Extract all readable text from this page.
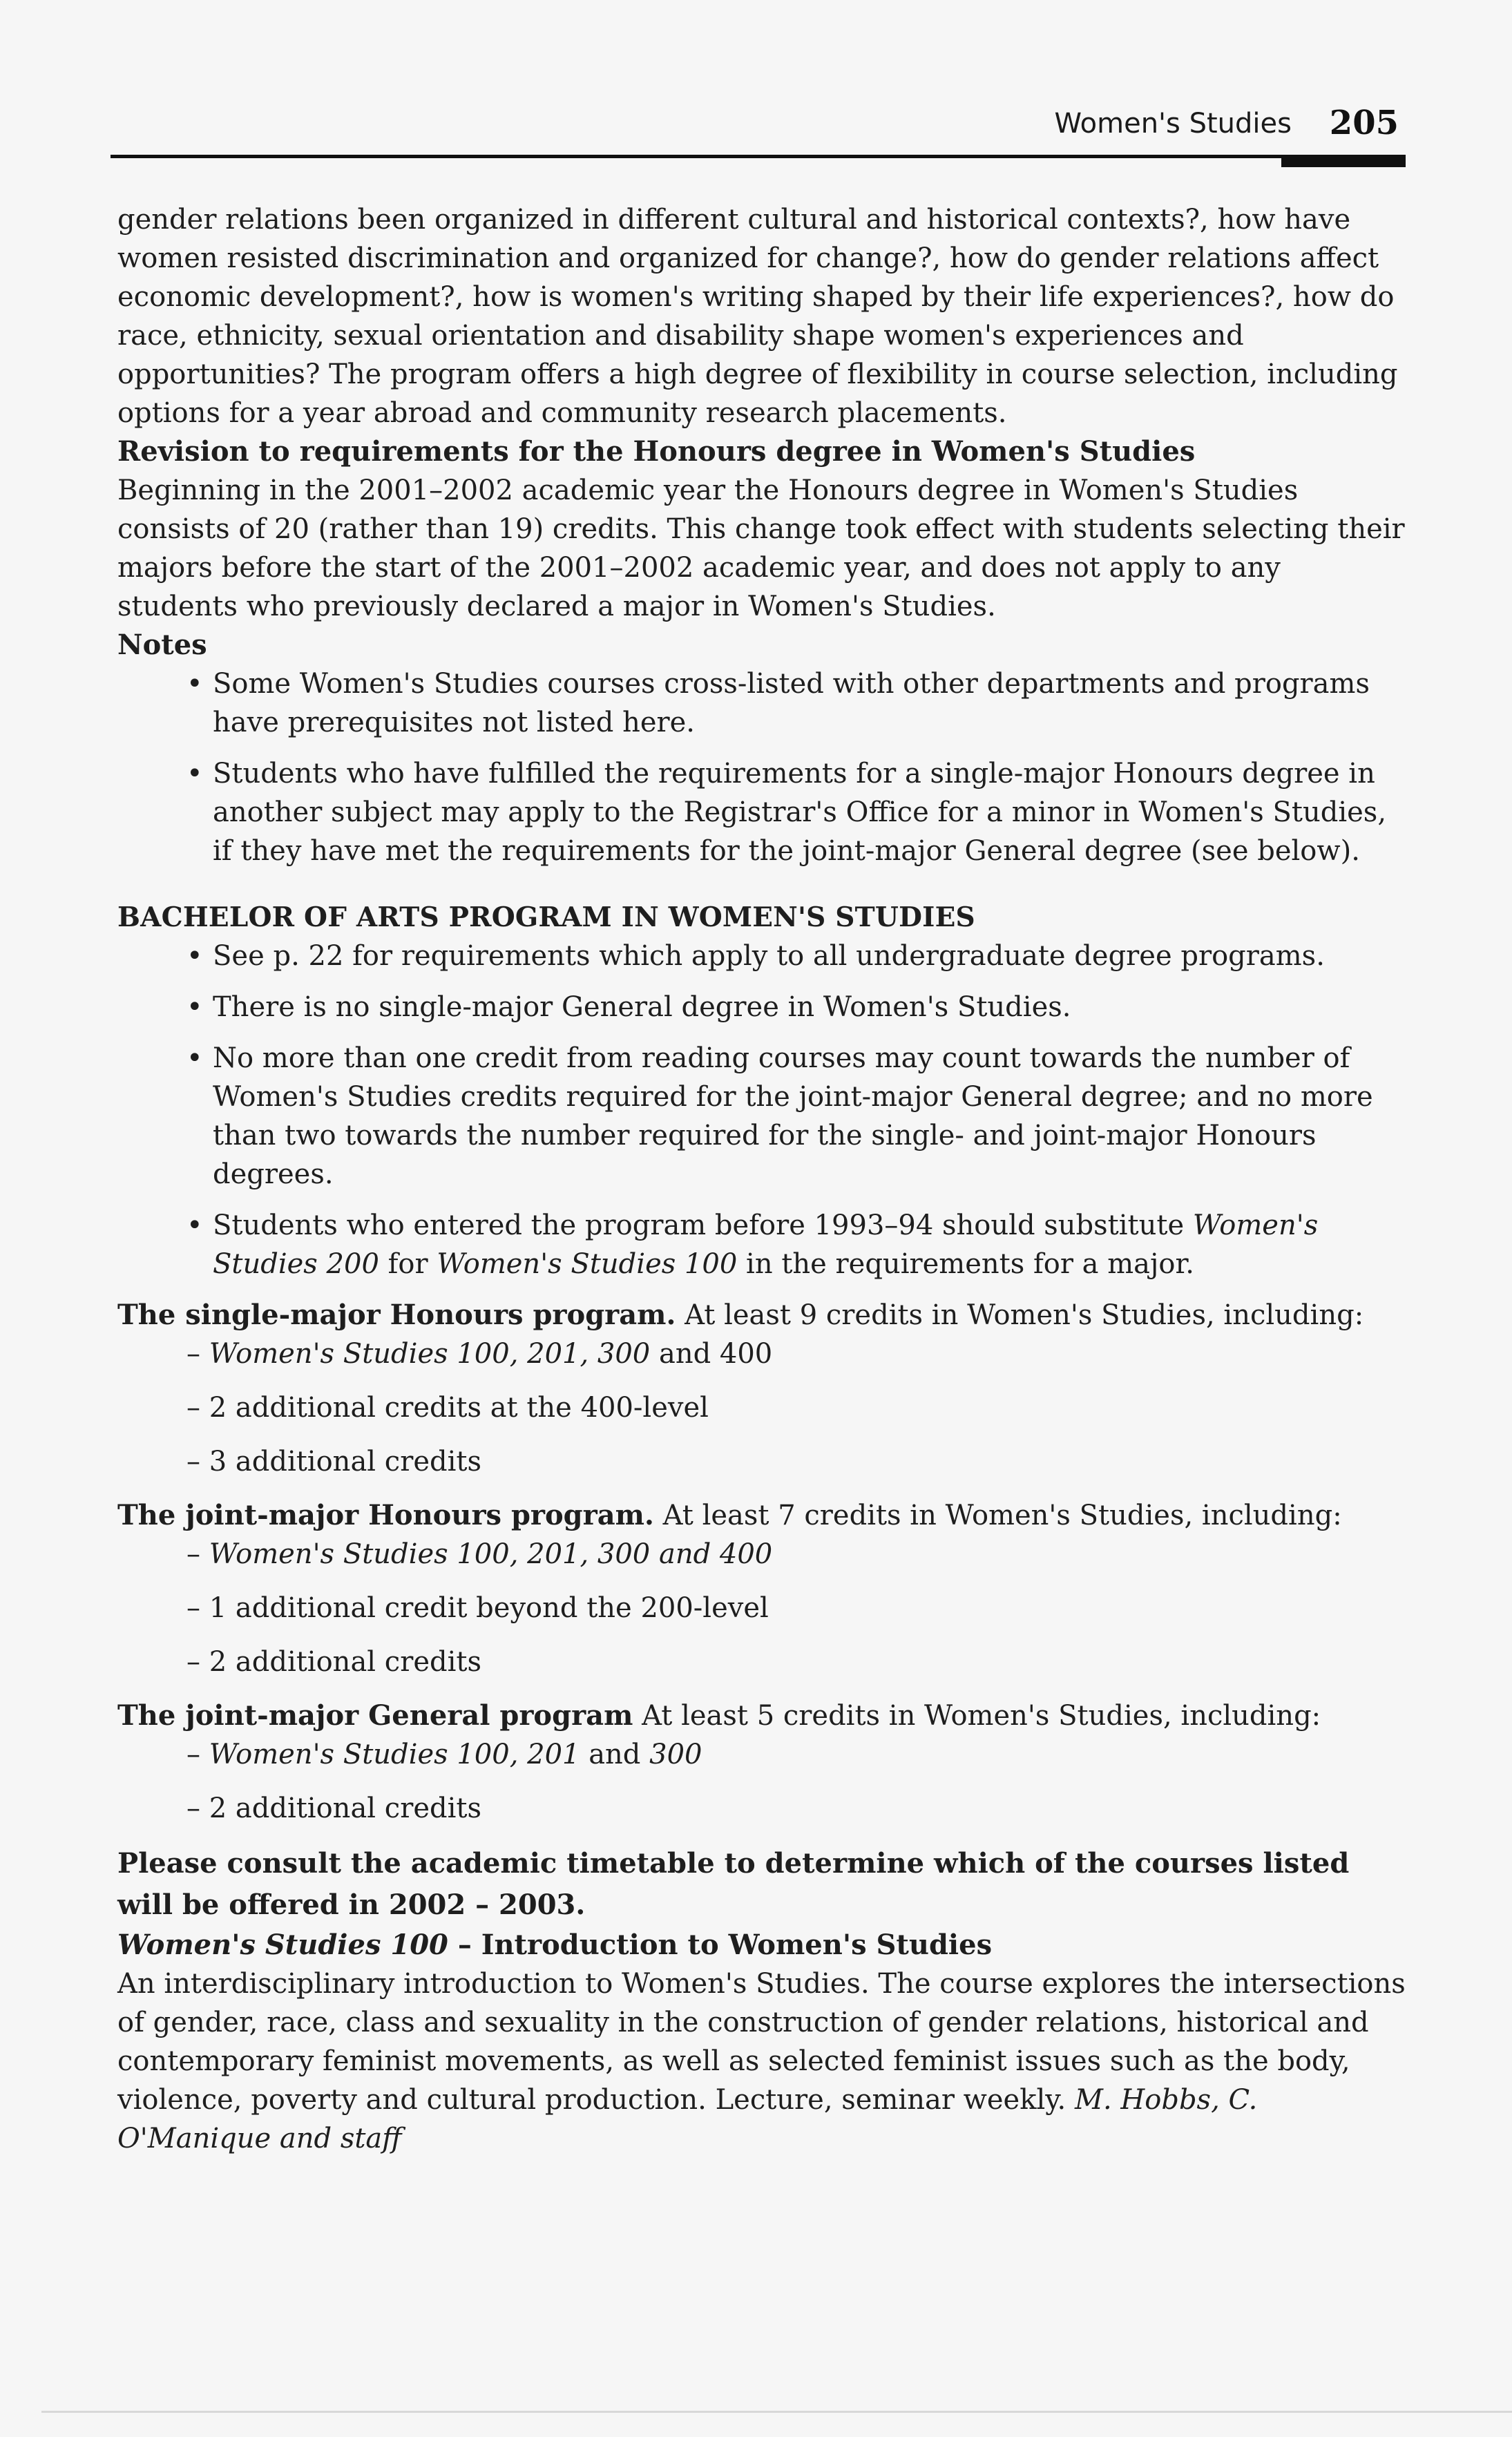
Women's Studies 205

gender relations been organized in different cultural and historical contexts?, how have women resisted discrimination and organized for change?, how do gender relations affect economic development?, how is women's writing shaped by their life experiences?, how do race, ethnicity, sexual orientation and disability shape women's experiences and opportunities? The program offers a high degree of flexibility in course selection, including options for a year abroad and community research placements.

Revision to requirements for the Honours degree in Women's Studies

Beginning in the 2001–2002 academic year the Honours degree in Women's Studies consists of 20 (rather than 19) credits. This change took effect with students selecting their majors before the start of the 2001–2002 academic year, and does not apply to any students who previously declared a major in Women's Studies.

Notes

• Some Women's Studies courses cross-listed with other departments and programs have prerequisites not listed here.
• Students who have fulfilled the requirements for a single-major Honours degree in another subject may apply to the Registrar's Office for a minor in Women's Studies, if they have met the requirements for the joint-major General degree (see below).

BACHELOR OF ARTS PROGRAM IN WOMEN'S STUDIES

• See p. 22 for requirements which apply to all undergraduate degree programs.
• There is no single-major General degree in Women's Studies.
• No more than one credit from reading courses may count towards the number of Women's Studies credits required for the joint-major General degree; and no more than two towards the number required for the single- and joint-major Honours degrees.
• Students who entered the program before 1993–94 should substitute Women's Studies 200 for Women's Studies 100 in the requirements for a major.

The single-major Honours program. At least 9 credits in Women's Studies, including:

– Women's Studies 100, 201, 300 and 400
– 2 additional credits at the 400-level
– 3 additional credits

The joint-major Honours program. At least 7 credits in Women's Studies, including:

– Women's Studies 100, 201, 300 and 400
– 1 additional credit beyond the 200-level
– 2 additional credits

The joint-major General program At least 5 credits in Women's Studies, including:

– Women's Studies 100, 201 and 300
– 2 additional credits

Please consult the academic timetable to determine which of the courses listed
will be offered in 2002 – 2003.

Women's Studies 100 – Introduction to Women's Studies

An interdisciplinary introduction to Women's Studies. The course explores the intersections of gender, race, class and sexuality in the construction of gender relations, historical and contemporary feminist movements, as well as selected feminist issues such as the body, violence, poverty and cultural production. Lecture, seminar weekly. M. Hobbs, C. O'Manique and staff
